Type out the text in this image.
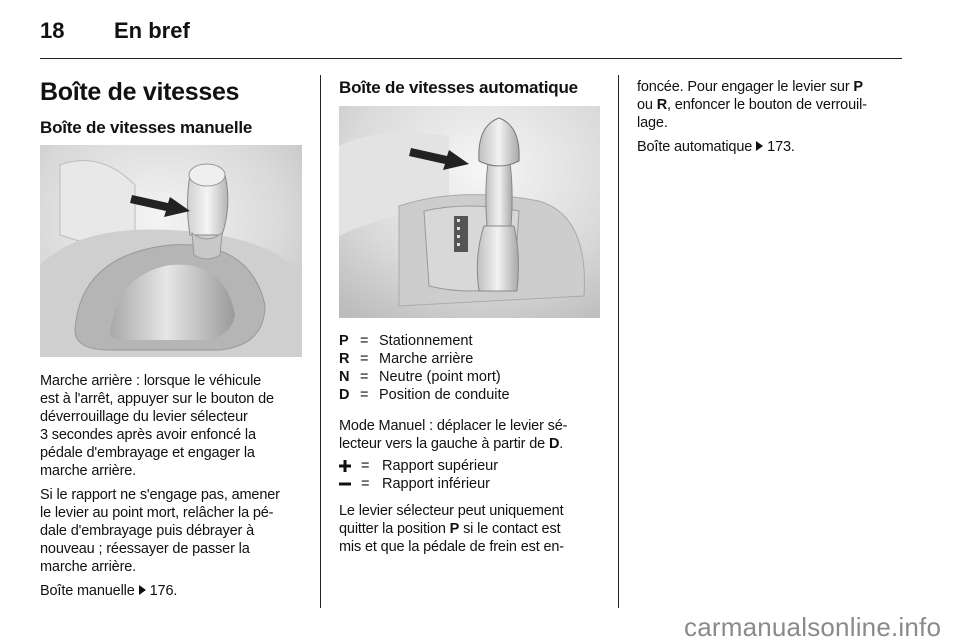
18 En bref
Boîte de vitesses
Boîte de vitesses manuelle

Marche arrière : lorsque le véhicule
est à l'arrêt, appuyer sur le bouton de
déverrouillage du levier sélecteur
3 secondes après avoir enfoncé la
pédale d'embrayage et engager la
marche arrière.

Si le rapport ne s'engage pas, amener
le levier au point mort, relâcher la pé-
dale d'embrayage puis débrayer à
nouveau ; réessayer de passer la
marche arrière.

Boîte manuelle 176.

Boîte de vitesses automatique
P = Stationnement
R = Marche arrière
N = Neutre (point mort)
D = Position de conduite
Mode Manuel : déplacer le levier sé-
lecteur vers la gauche à partir de D.
= Rapport supérieur
= Rapport inférieur
Le levier sélecteur peut uniquement
quitter la position P si le contact est
mis et que la pédale de frein est en-

foncée. Pour engager le levier sur P
ou R, enfoncer le bouton de verrouil-
lage.

Boîte automatique 173.

carmanualsonline.info
